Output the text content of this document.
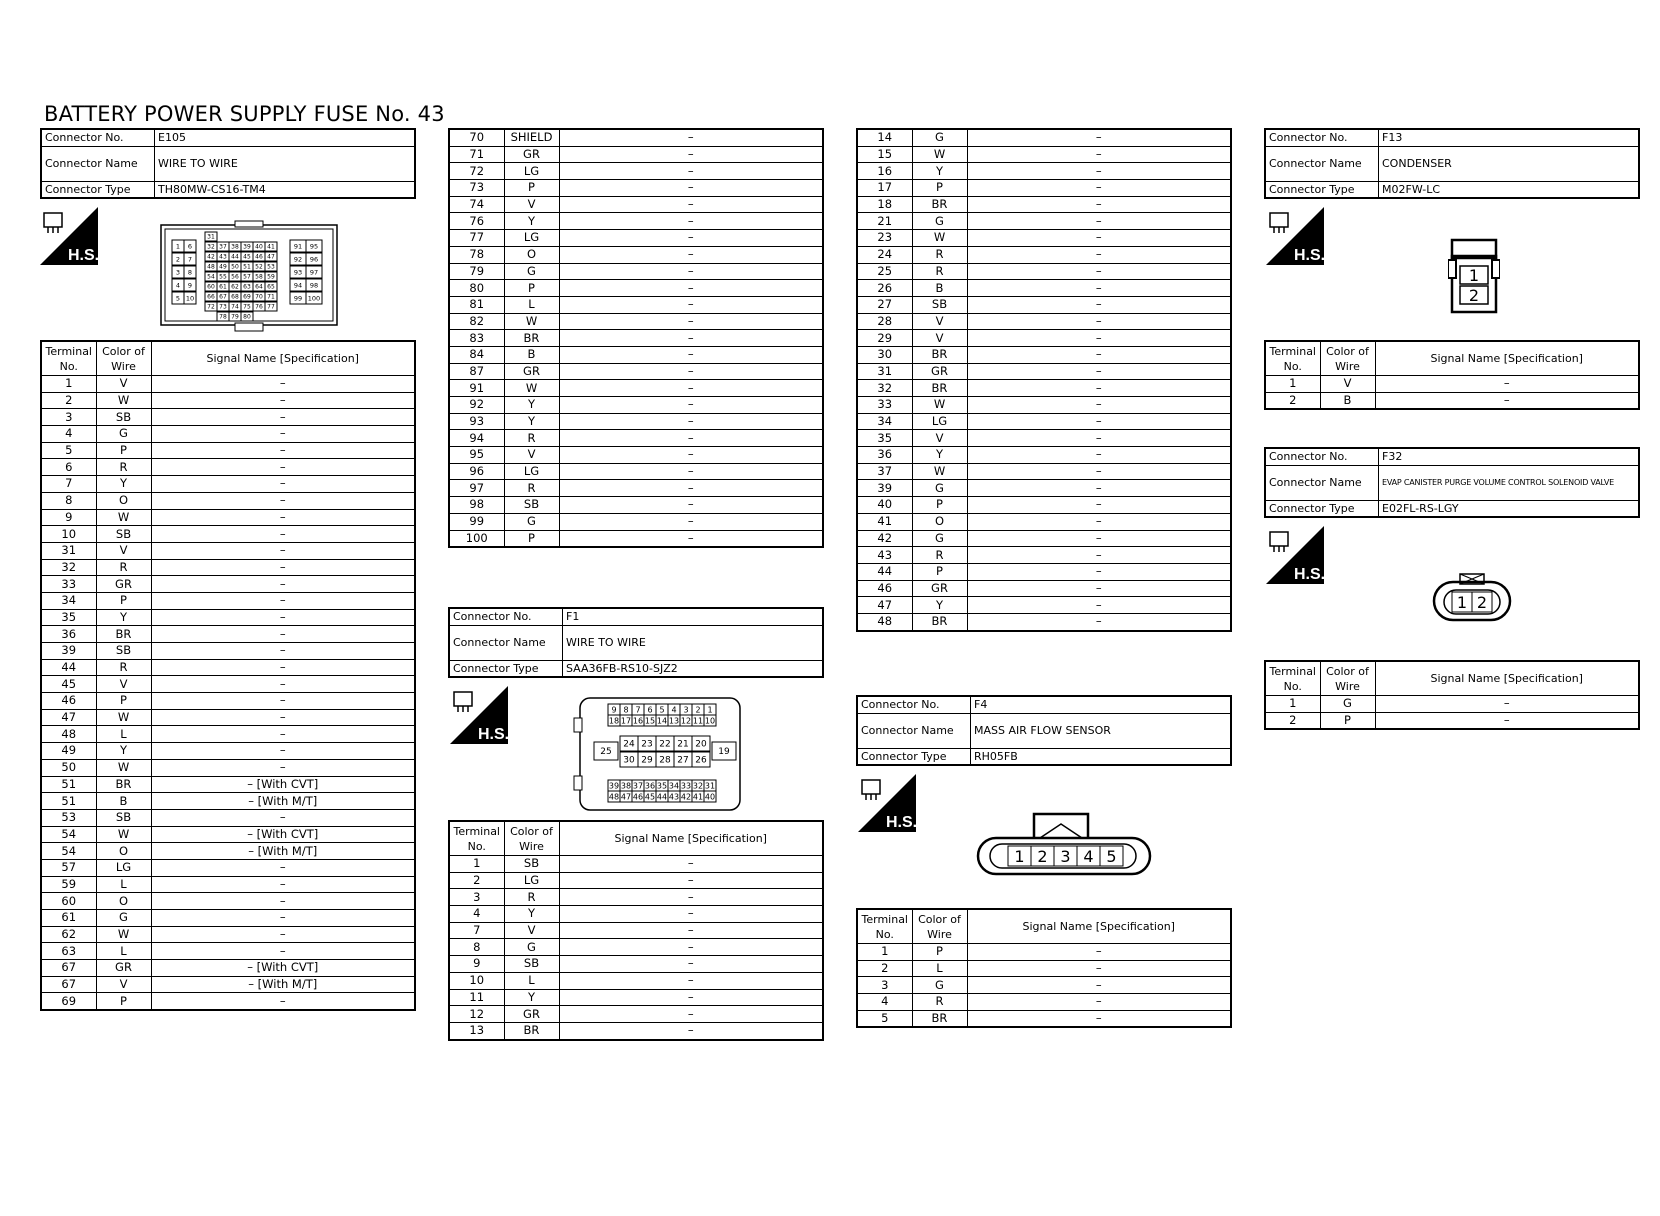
BATTERY POWER SUPPLY FUSE No. 43
Connector No.	E105
Connector Name	WIRE TO WIRE
Connector Type	TH80MW-CS16-TM4
H.S.
1 6
2 7
3 8
4 9
5 10
31
32 37 38 39 40 41
42 43 44 45 46 47
48 49 50 51 52 53
54 55 56 57 58 59
60 61 62 63 64 65
66 67 68 69 70 71
72 73 74 75 76 77
78 79 80
91 95
92 96
93 97
94 98
99 100
Terminal No.	Color of Wire	Signal Name [Specification]
1	V	–
2	W	–
3	SB	–
4	G	–
5	P	–
6	R	–
7	Y	–
8	O	–
9	W	–
10	SB	–
31	V	–
32	R	–
33	GR	–
34	P	–
35	Y	–
36	BR	–
39	SB	–
44	R	–
45	V	–
46	P	–
47	W	–
48	L	–
49	Y	–
50	W	–
51	BR	– [With CVT]
51	B	– [With M/T]
53	SB	–
54	W	– [With CVT]
54	O	– [With M/T]
57	LG	–
59	L	–
60	O	–
61	G	–
62	W	–
63	L	–
67	GR	– [With CVT]
67	V	– [With M/T]
69	P	–
70	SHIELD	–
71	GR	–
72	LG	–
73	P	–
74	V	–
76	Y	–
77	LG	–
78	O	–
79	G	–
80	P	–
81	L	–
82	W	–
83	BR	–
84	B	–
87	GR	–
91	W	–
92	Y	–
93	Y	–
94	R	–
95	V	–
96	LG	–
97	R	–
98	SB	–
99	G	–
100	P	–
Connector No.	F1
Connector Name	WIRE TO WIRE
Connector Type	SAA36FB-RS10-SJZ2
H.S.
9 8 7 6 5 4 3 2 1
18 17 16 15 14 13 12 11 10
24 23 22 21 20
30 29 28 27 26
25	19
39 38 37 36 35 34 33 32 31
48 47 46 45 44 43 42 41 40
Terminal No.	Color of Wire	Signal Name [Specification]
1	SB	–
2	LG	–
3	R	–
4	Y	–
7	V	–
8	G	–
9	SB	–
10	L	–
11	Y	–
12	GR	–
13	BR	–
14	G	–
15	W	–
16	Y	–
17	P	–
18	BR	–
21	G	–
23	W	–
24	R	–
25	R	–
26	B	–
27	SB	–
28	V	–
29	V	–
30	BR	–
31	GR	–
32	BR	–
33	W	–
34	LG	–
35	V	–
36	Y	–
37	W	–
39	G	–
40	P	–
41	O	–
42	G	–
43	R	–
44	P	–
46	GR	–
47	Y	–
48	BR	–
Connector No.	F4
Connector Name	MASS AIR FLOW SENSOR
Connector Type	RH05FB
H.S.
1 2 3 4 5
Terminal No.	Color of Wire	Signal Name [Specification]
1	P	–
2	L	–
3	G	–
4	R	–
5	BR	–
Connector No.	F13
Connector Name	CONDENSER
Connector Type	M02FW-LC
H.S.
1
2
Terminal No.	Color of Wire	Signal Name [Specification]
1	V	–
2	B	–
Connector No.	F32
Connector Name	EVAP CANISTER PURGE VOLUME CONTROL SOLENOID VALVE
Connector Type	E02FL-RS-LGY
H.S.
1 2
Terminal No.	Color of Wire	Signal Name [Specification]
1	G	–
2	P	–
